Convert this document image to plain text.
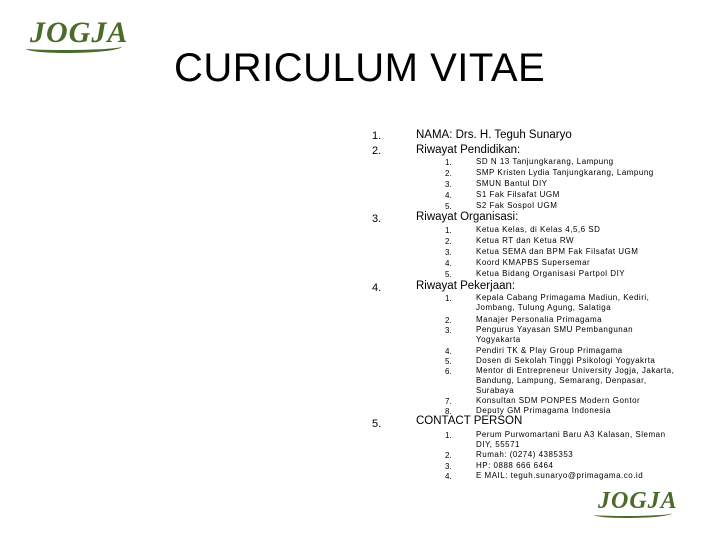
JOGJA
JOGJA
CURICULUM VITAE
1.	NAMA: Drs. H. Teguh Sunaryo
2.	Riwayat Pendidikan:
1.	SD N 13 Tanjungkarang, Lampung
2.	SMP Kristen Lydia Tanjungkarang, Lampung
3.	SMUN Bantul DIY
4.	S1 Fak Filsafat UGM
5.	S2 Fak Sospol UGM
3.	Riwayat Organisasi:
1.	Ketua Kelas, di Kelas 4,5,6 SD
2.	Ketua RT dan Ketua RW
3.	Ketua SEMA dan BPM Fak Filsafat UGM
4.	Koord KMAPBS Supersemar
5.	Ketua Bidang Organisasi Partpol DIY
4.	Riwayat Pekerjaan:
1.	Kepala Cabang Primagama Madiun, Kediri,
Jombang, Tulung Agung, Salatiga
2.	Manajer Personalia Primagama
3.	Pengurus Yayasan SMU Pembangunan
Yogyakarta
4.	Pendiri TK & Play Group Primagama
5.	Dosen di Sekolah Tinggi Psikologi Yogyakrta
6.	Mentor di Entrepreneur University Jogja, Jakarta,
Bandung, Lampung, Semarang, Denpasar,
Surabaya
7.	Konsultan SDM PONPES Modern Gontor
8.	Deputy GM Primagama Indonesia
5.	CONTACT PERSON
1.	Perum Purwomartani Baru A3 Kalasan, Sleman
DIY, 55571
2.	Rumah: (0274) 4385353
3.	HP: 0888 666 6464
4.	E MAIL: teguh.sunaryo@primagama.co.id
